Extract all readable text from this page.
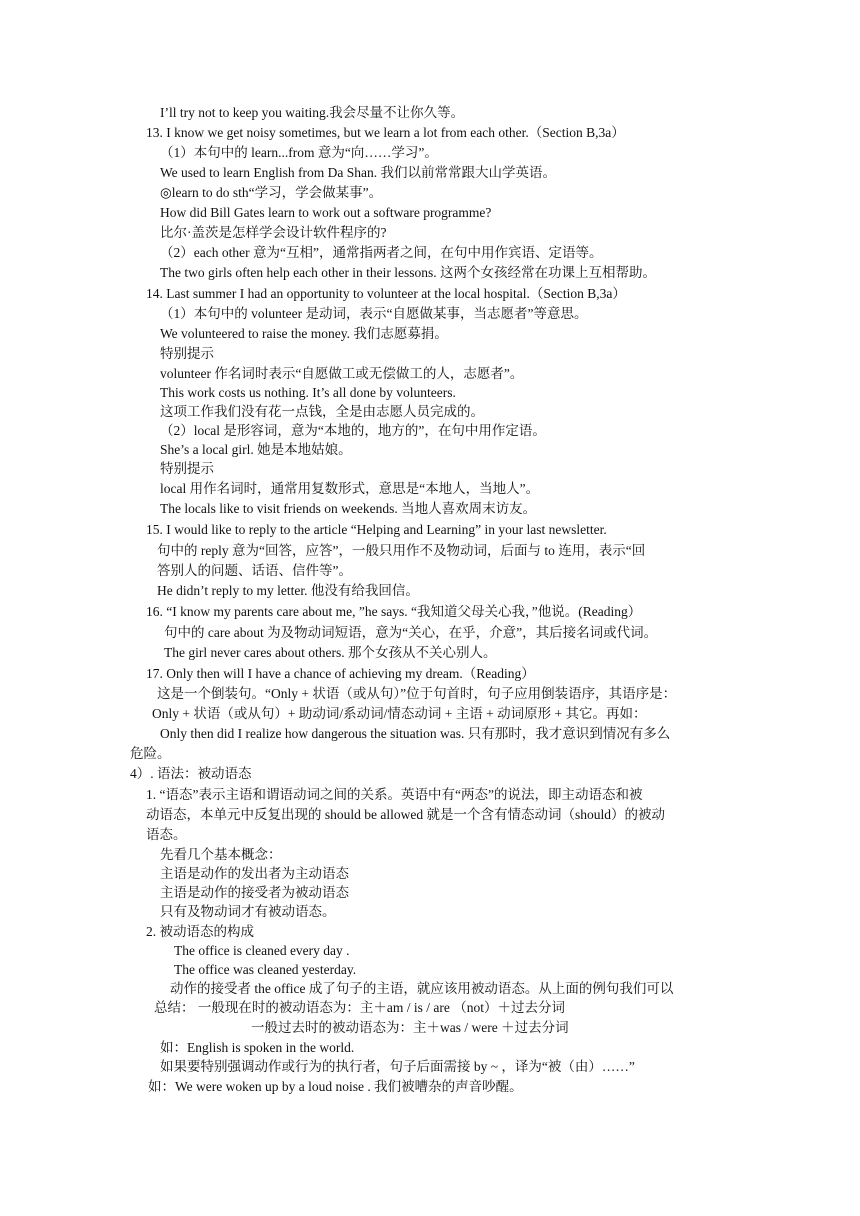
I’ll try not to keep you waiting.我会尽量不让你久等。
13. I know we get noisy sometimes, but we learn a lot from each other.（Section B,3a）
（1）本句中的 learn...from 意为“向……学习”。
We used to learn English from Da Shan. 我们以前常常跟大山学英语。
◎learn to do sth“学习，学会做某事”。
How did Bill Gates learn to work out a software programme?
比尔·盖茨是怎样学会设计软件程序的?
（2）each other 意为“互相”，通常指两者之间，在句中用作宾语、定语等。
The two girls often help each other in their lessons. 这两个女孩经常在功课上互相帮助。
14. Last summer I had an opportunity to volunteer at the local hospital.（Section B,3a）
（1）本句中的 volunteer 是动词，表示“自愿做某事，当志愿者”等意思。
We volunteered to raise the money. 我们志愿募捐。
特别提示
volunteer 作名词时表示“自愿做工或无偿做工的人，志愿者”。
This work costs us nothing. It’s all done by volunteers.
这项工作我们没有花一点钱，全是由志愿人员完成的。
（2）local 是形容词，意为“本地的，地方的”，在句中用作定语。
She’s a local girl. 她是本地姑娘。
特别提示
local 用作名词时，通常用复数形式，意思是“本地人，当地人”。
The locals like to visit friends on weekends. 当地人喜欢周末访友。
15. I would like to reply to the article “Helping and Learning” in your last newsletter.
句中的 reply 意为“回答，应答”，一般只用作不及物动词，后面与 to 连用，表示“回
答别人的问题、话语、信件等”。
He didn’t reply to my letter. 他没有给我回信。
16. “I know my parents care about me, ”he says. “我知道父母关心我，”他说。(Reading）
句中的 care about 为及物动词短语，意为“关心，在乎，介意”，其后接名词或代词。
The girl never cares about others. 那个女孩从不关心别人。
17. Only then will I have a chance of achieving my dream.（Reading）
这是一个倒装句。“Only + 状语（或从句）”位于句首时，句子应用倒装语序，其语序是：
Only + 状语（或从句）+ 助动词/系动词/情态动词 + 主语 + 动词原形 + 其它。再如：
Only then did I realize how dangerous the situation was. 只有那时，我才意识到情况有多么
危险。
4）. 语法：被动语态
1. “语态”表示主语和谓语动词之间的关系。英语中有“两态”的说法，即主动语态和被
动语态，本单元中反复出现的 should be allowed 就是一个含有情态动词（should）的被动
语态。
先看几个基本概念：
主语是动作的发出者为主动语态
主语是动作的接受者为被动语态
只有及物动词才有被动语态。
2. 被动语态的构成
The office is cleaned every day .
The office was cleaned yesterday.
动作的接受者 the office 成了句子的主语，就应该用被动语态。从上面的例句我们可以
总结： 一般现在时的被动语态为：主＋am / is / are （not）＋过去分词
一般过去时的被动语态为：主＋was / were ＋过去分词
如：English is spoken in the world.
如果要特别强调动作或行为的执行者，句子后面需接 by ~ ，译为“被（由）……”
如：We were woken up by a loud noise . 我们被嘈杂的声音吵醒。
